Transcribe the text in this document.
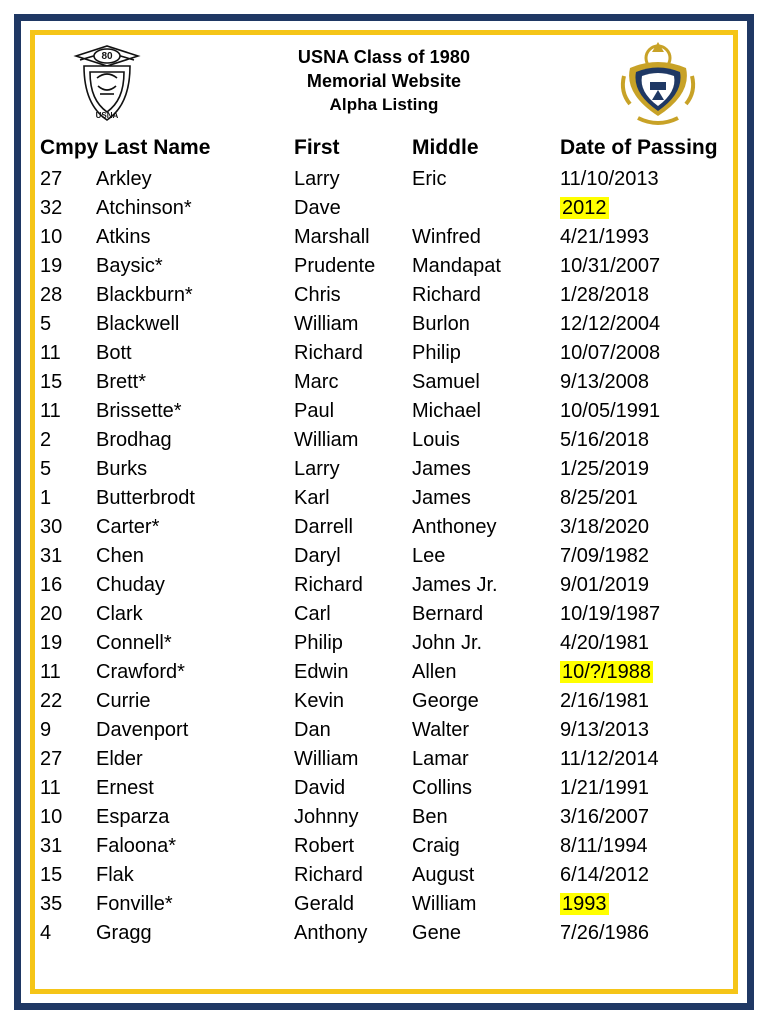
80
USNA
USNA Class of 1980
Memorial Website
Alpha Listing
Cmpy Last Name		First	Middle	Date of Passing
27	Arkley	Larry	Eric	11/10/2013
32	Atchinson*	Dave		2012
10	Atkins	Marshall	Winfred	4/21/1993
19	Baysic*	Prudente	Mandapat	10/31/2007
28	Blackburn*	Chris	Richard	1/28/2018
5	Blackwell	William	Burlon	12/12/2004
11	Bott	Richard	Philip	10/07/2008
15	Brett*	Marc	Samuel	9/13/2008
11	Brissette*	Paul	Michael	10/05/1991
2	Brodhag	William	Louis	5/16/2018
5	Burks	Larry	James	1/25/2019
1	Butterbrodt	Karl	James	8/25/201
30	Carter*	Darrell	Anthoney	3/18/2020
31	Chen	Daryl	Lee	7/09/1982
16	Chuday	Richard	James Jr.	9/01/2019
20	Clark	Carl	Bernard	10/19/1987
19	Connell*	Philip	John Jr.	4/20/1981
11	Crawford*	Edwin	Allen	10/?/1988
22	Currie	Kevin	George	2/16/1981
9	Davenport	Dan	Walter	9/13/2013
27	Elder	William	Lamar	11/12/2014
11	Ernest	David	Collins	1/21/1991
10	Esparza	Johnny	Ben	3/16/2007
31	Faloona*	Robert	Craig	8/11/1994
15	Flak	Richard	August	6/14/2012
35	Fonville*	Gerald	William	1993
4	Gragg	Anthony	Gene	7/26/1986
